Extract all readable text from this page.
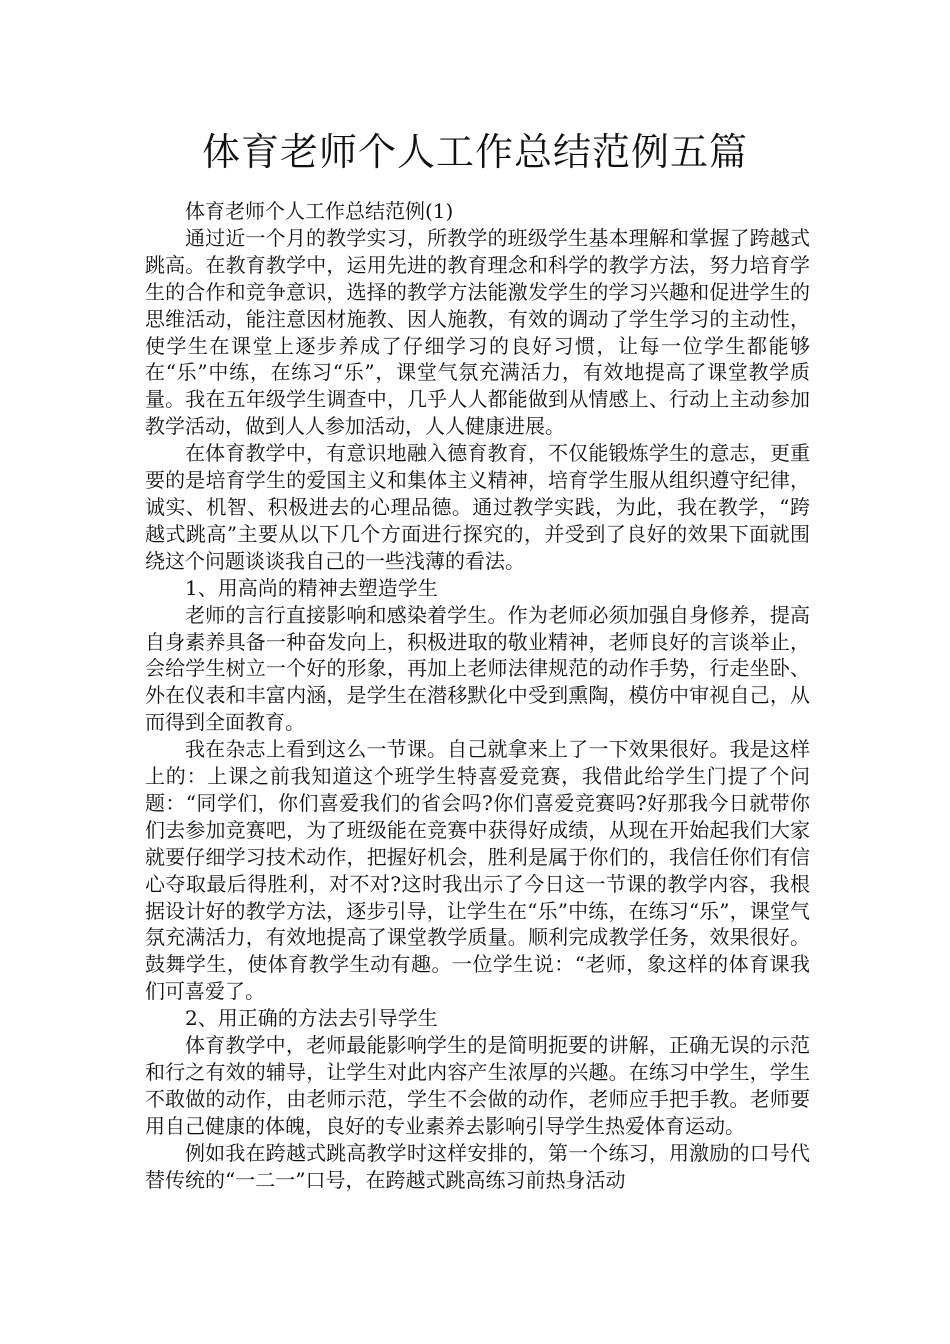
体育老师个人工作总结范例五篇

体育老师个人工作总结范例(1)

通过近一个月的教学实习，所教学的班级学生基本理解和掌握了跨越式跳高。在教育教学中，运用先进的教育理念和科学的教学方法，努力培育学生的合作和竞争意识，选择的教学方法能激发学生的学习兴趣和促进学生的思维活动，能注意因材施教、因人施教，有效的调动了学生学习的主动性，使学生在课堂上逐步养成了仔细学习的良好习惯，让每一位学生都能够在“乐”中练，在练习“乐”，课堂气氛充满活力，有效地提高了课堂教学质量。我在五年级学生调查中，几乎人人都能做到从情感上、行动上主动参加教学活动，做到人人参加活动，人人健康进展。

在体育教学中，有意识地融入德育教育，不仅能锻炼学生的意志，更重要的是培育学生的爱国主义和集体主义精神，培育学生服从组织遵守纪律，诚实、机智、积极进去的心理品德。通过教学实践，为此，我在教学，“跨越式跳高”主要从以下几个方面进行探究的，并受到了良好的效果下面就围绕这个问题谈谈我自己的一些浅薄的看法。

1、用高尚的精神去塑造学生

老师的言行直接影响和感染着学生。作为老师必须加强自身修养，提高自身素养具备一种奋发向上，积极进取的敬业精神，老师良好的言谈举止，会给学生树立一个好的形象，再加上老师法律规范的动作手势，行走坐卧、外在仪表和丰富内涵，是学生在潜移默化中受到熏陶，模仿中审视自己，从而得到全面教育。

我在杂志上看到这么一节课。自己就拿来上了一下效果很好。我是这样上的：上课之前我知道这个班学生特喜爱竞赛，我借此给学生门提了个问题：“同学们，你们喜爱我们的省会吗?你们喜爱竞赛吗?好那我今日就带你们去参加竞赛吧，为了班级能在竞赛中获得好成绩，从现在开始起我们大家就要仔细学习技术动作，把握好机会，胜利是属于你们的，我信任你们有信心夺取最后得胜利，对不对?这时我出示了今日这一节课的教学内容，我根据设计好的教学方法，逐步引导，让学生在“乐”中练，在练习“乐”，课堂气氛充满活力，有效地提高了课堂教学质量。顺利完成教学任务，效果很好。鼓舞学生，使体育教学生动有趣。一位学生说：“老师，象这样的体育课我们可喜爱了。

2、用正确的方法去引导学生

体育教学中，老师最能影响学生的是简明扼要的讲解，正确无误的示范和行之有效的辅导，让学生对此内容产生浓厚的兴趣。在练习中学生，学生不敢做的动作，由老师示范，学生不会做的动作，老师应手把手教。老师要用自己健康的体魄，良好的专业素养去影响引导学生热爱体育运动。

例如我在跨越式跳高教学时这样安排的，第一个练习，用激励的口号代替传统的“一二一”口号，在跨越式跳高练习前热身活动
